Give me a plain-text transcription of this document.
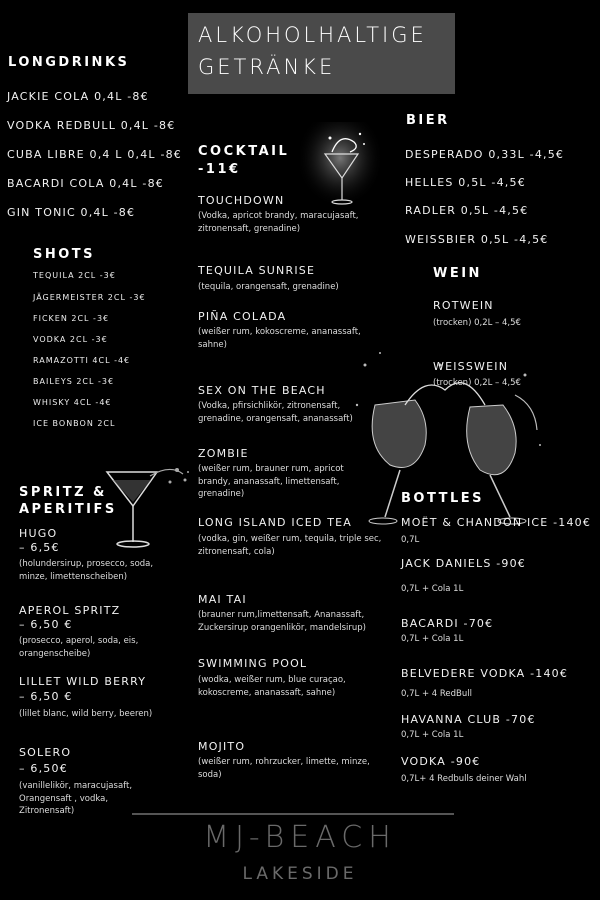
ALKOHOLHALTIGE
GETRÄNKE
LONGDRINKS
JACKIE COLA 0,4L -8€
VODKA REDBULL 0,4L -8€
CUBA LIBRE 0,4 L 0,4L -8€
BACARDI COLA 0,4L -8€
GIN TONIC 0,4L -8€
SHOTS
TEQUILA 2CL -3€
JÄGERMEISTER 2CL -3€
FICKEN 2CL -3€
VODKA 2CL -3€
RAMAZOTTI 4CL -4€
BAILEYS 2CL -3€
WHISKY 4CL -4€
ICE BONBON 2CL
SPRITZ &
APERITIFS
HUGO
– 6,5€
(holundersirup, prosecco, soda, minze, limettenscheiben)
APEROL SPRITZ
– 6,50 €
(prosecco, aperol, soda, eis, orangenscheibe)
LILLET WILD BERRY
– 6,50 €
(lillet blanc, wild berry, beeren)
SOLERO
– 6,50€
(vanillelikör, maracujasaft, Orangensaft , vodka, Zitronensaft)
COCKTAIL
-11€
TOUCHDOWN
(Vodka, apricot brandy, maracujasaft, zitronensaft, grenadine)
TEQUILA SUNRISE
(tequila, orangensaft, grenadine)
PIÑA COLADA
(weißer rum, kokoscreme, ananassaft, sahne)
SEX ON THE BEACH
(Vodka, pfirsichlikör, zitronensaft, grenadine, orangensaft, ananassaft)
ZOMBIE
(weißer rum, brauner rum, apricot brandy, ananassaft, limettensaft, grenadine)
LONG ISLAND ICED TEA
(vodka, gin, weißer rum, tequila, triple sec, zitronensaft, cola)
MAI TAI
(brauner rum,limettensaft, Ananassaft, Zuckersirup orangenlikör, mandelsirup)
SWIMMING POOL
(wodka, weißer rum, blue curaçao, kokoscreme, ananassaft, sahne)
MOJITO
(weißer rum, rohrzucker, limette, minze, soda)
BIER
DESPERADO 0,33L -4,5€
HELLES 0,5L -4,5€
RADLER 0,5L -4,5€
WEISSBIER 0,5L -4,5€
WEIN
ROTWEIN
(trocken) 0,2L – 4,5€
WEISSWEIN
(trocken) 0,2L – 4,5€
BOTTLES
MOËT & CHANDON ICE -140€
0,7L
JACK DANIELS -90€
0,7L + Cola 1L
BACARDI -70€
0,7L + Cola 1L
BELVEDERE VODKA -140€
0,7L + 4 RedBull
HAVANNA CLUB -70€
0,7L + Cola 1L
VODKA -90€
0,7L+ 4 Redbulls deiner Wahl
MJ-BEACH
LAKESIDE
